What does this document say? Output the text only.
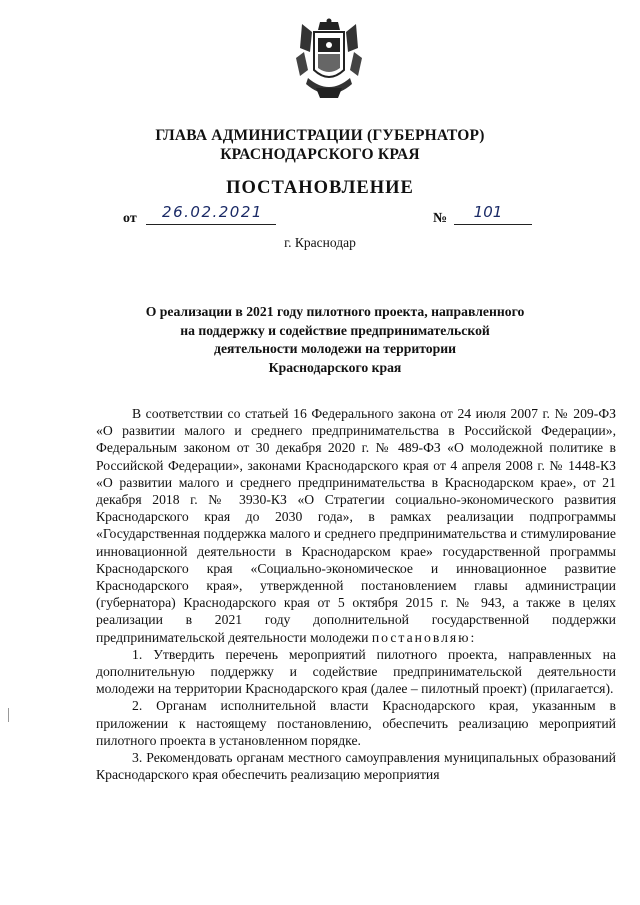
ГЛАВА АДМИНИСТРАЦИИ (ГУБЕРНАТОР)
КРАСНОДАРСКОГО КРАЯ
ПОСТАНОВЛЕНИЕ
от	26.02.2021	№	101
г. Краснодар
О реализации в 2021 году пилотного проекта, направленного
на поддержку и содействие предпринимательской
деятельности молодежи на территории
Краснодарского края

В соответствии со статьей 16 Федерального закона от 24 июля 2007 г. № 209-ФЗ «О развитии малого и среднего предпринимательства в Российской Федерации», Федеральным законом от 30 декабря 2020 г. № 489-ФЗ «О молодежной политике в Российской Федерации», законами Краснодарского края от 4 апреля 2008 г. № 1448-КЗ «О развитии малого и среднего предпринимательства в Краснодарском крае», от 21 декабря 2018 г. № 3930-КЗ «О Стратегии социально-экономического развития Краснодарского края до 2030 года», в рамках реализации подпрограммы «Государственная поддержка малого и среднего предпринимательства и стимулирование инновационной деятельности в Краснодарском крае» государственной программы Краснодарского края «Социально-экономическое и инновационное развитие Краснодарского края», утвержденной постановлением главы администрации (губернатора) Краснодарского края от 5 октября 2015 г. № 943, а также в целях реализации в 2021 году дополнительной государственной поддержки предпринимательской деятельности молодежи постановляю:

1. Утвердить перечень мероприятий пилотного проекта, направленных на дополнительную поддержку и содействие предпринимательской деятельности молодежи на территории Краснодарского края (далее – пилотный проект) (прилагается).

2. Органам исполнительной власти Краснодарского края, указанным в приложении к настоящему постановлению, обеспечить реализацию мероприятий пилотного проекта в установленном порядке.

3. Рекомендовать органам местного самоуправления муниципальных образований Краснодарского края обеспечить реализацию мероприятия
